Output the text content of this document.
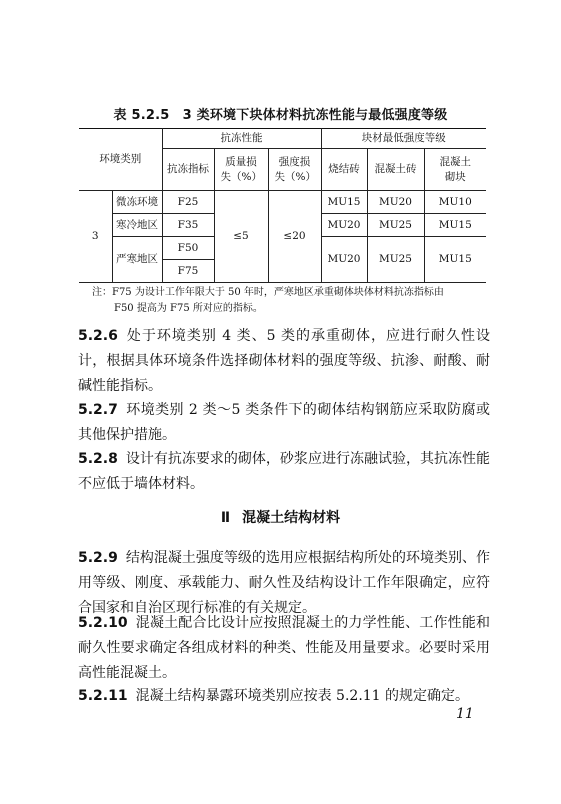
表 5.2.5　3 类环境下块体材料抗冻性能与最低强度等级
环境类别		抗冻性能			块材最低强度等级		
		抗冻指标	质量损失（%）	强度损失（%）	烧结砖	混凝土砖	混凝土砌块
3	微冻环境	F25	≤5	≤20	MU15	MU20	MU10
	寒冷地区	F35			MU20	MU25	MU15
	严寒地区	F50			MU20	MU25	MU15
		F75					
注：F75 为设计工作年限大于 50 年时，严寒地区承重砌体块体材料抗冻指标由
F50 提高为 F75 所对应的指标。
5.2.6 处于环境类别 4 类、5 类的承重砌体，应进行耐久性设计，根据具体环境条件选择砌体材料的强度等级、抗渗、耐酸、耐碱性能指标。
5.2.7 环境类别 2 类～5 类条件下的砌体结构钢筋应采取防腐或其他保护措施。
5.2.8 设计有抗冻要求的砌体，砂浆应进行冻融试验，其抗冻性能不应低于墙体材料。
Ⅱ 混凝土结构材料
5.2.9 结构混凝土强度等级的选用应根据结构所处的环境类别、作用等级、刚度、承载能力、耐久性及结构设计工作年限确定，应符合国家和自治区现行标准的有关规定。
5.2.10 混凝土配合比设计应按照混凝土的力学性能、工作性能和耐久性要求确定各组成材料的种类、性能及用量要求。必要时采用高性能混凝土。
5.2.11 混凝土结构暴露环境类别应按表 5.2.11 的规定确定。
11
